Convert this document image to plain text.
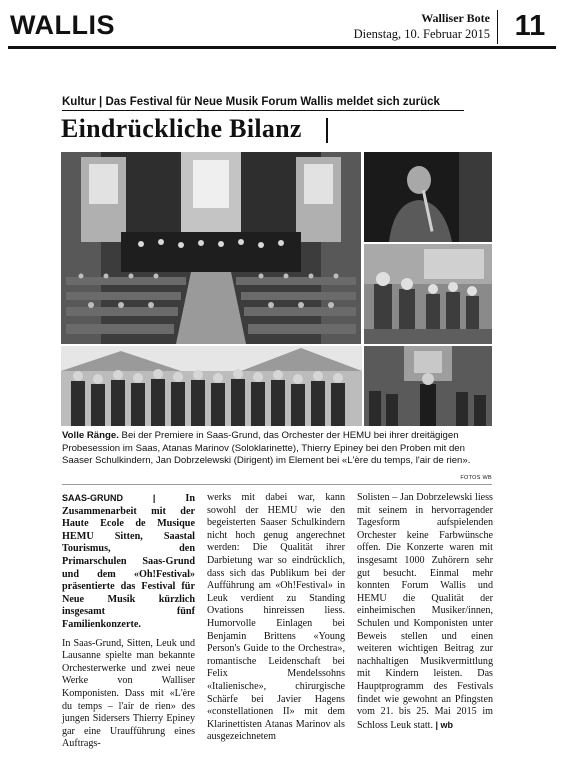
WALLIS	Walliser Bote
Dienstag, 10. Februar 2015 11
Kultur | Das Festival für Neue Musik Forum Wallis meldet sich zurück
Eindrückliche Bilanz
Volle Ränge. Bei der Premiere in Saas-Grund, das Orchester der HEMU bei ihrer dreitägigen Probesession im Saas, Atanas Marinov (Soloklarinette), Thierry Epiney bei den Proben mit den Saaser Schulkindern, Jan Dobrzelewski (Dirigent) im Element bei «L'ère du temps, l'air de rien».
FOTOS WB

SAAS-GRUND | In Zusammenarbeit mit der Haute Ecole de Musique HEMU Sitten, Saastal Tourismus, den Primarschulen Saas-Grund und dem «Oh!Festival» präsentierte das Festival für Neue Musik kürzlich insgesamt fünf Familienkonzerte.

In Saas-Grund, Sitten, Leuk und Lausanne spielte man bekannte Orchesterwerke und zwei neue Werke von Walliser Komponisten. Dass mit «L'ère du temps – l'air de rien» des jungen Sidersers Thierry Epiney gar eine Uraufführung eines Auftrags-

werks mit dabei war, kann sowohl der HEMU wie den begeisterten Saaser Schulkindern nicht hoch genug angerechnet werden: Die Qualität ihrer Darbietung war so eindrücklich, dass sich das Publikum bei der Aufführung am «Oh!Festival» in Leuk verdient zu Standing Ovations hinreissen liess. Humorvolle Einlagen bei Benjamin Brittens «Young Person's Guide to the Orchestra», romantische Leidenschaft bei Felix Mendelssohns «Italienische», chirurgische Schärfe bei Javier Hagens «constellationen II» mit dem Klarinettisten Atanas Marinov als ausgezeichnetem

Solisten – Jan Dobrzelewski liess mit seinem in hervorragender Tagesform aufspielenden Orchester keine Farbwünsche offen. Die Konzerte waren mit insgesamt 1000 Zuhörern sehr gut besucht. Einmal mehr konnten Forum Wallis und HEMU die Qualität der einheimischen Musiker/innen, Schulen und Komponisten unter Beweis stellen und einen weiteren wichtigen Beitrag zur nachhaltigen Musikvermittlung mit Kindern leisten. Das Hauptprogramm des Festivals findet wie gewohnt an Pfingsten vom 21. bis 25. Mai 2015 im Schloss Leuk statt. | wb
